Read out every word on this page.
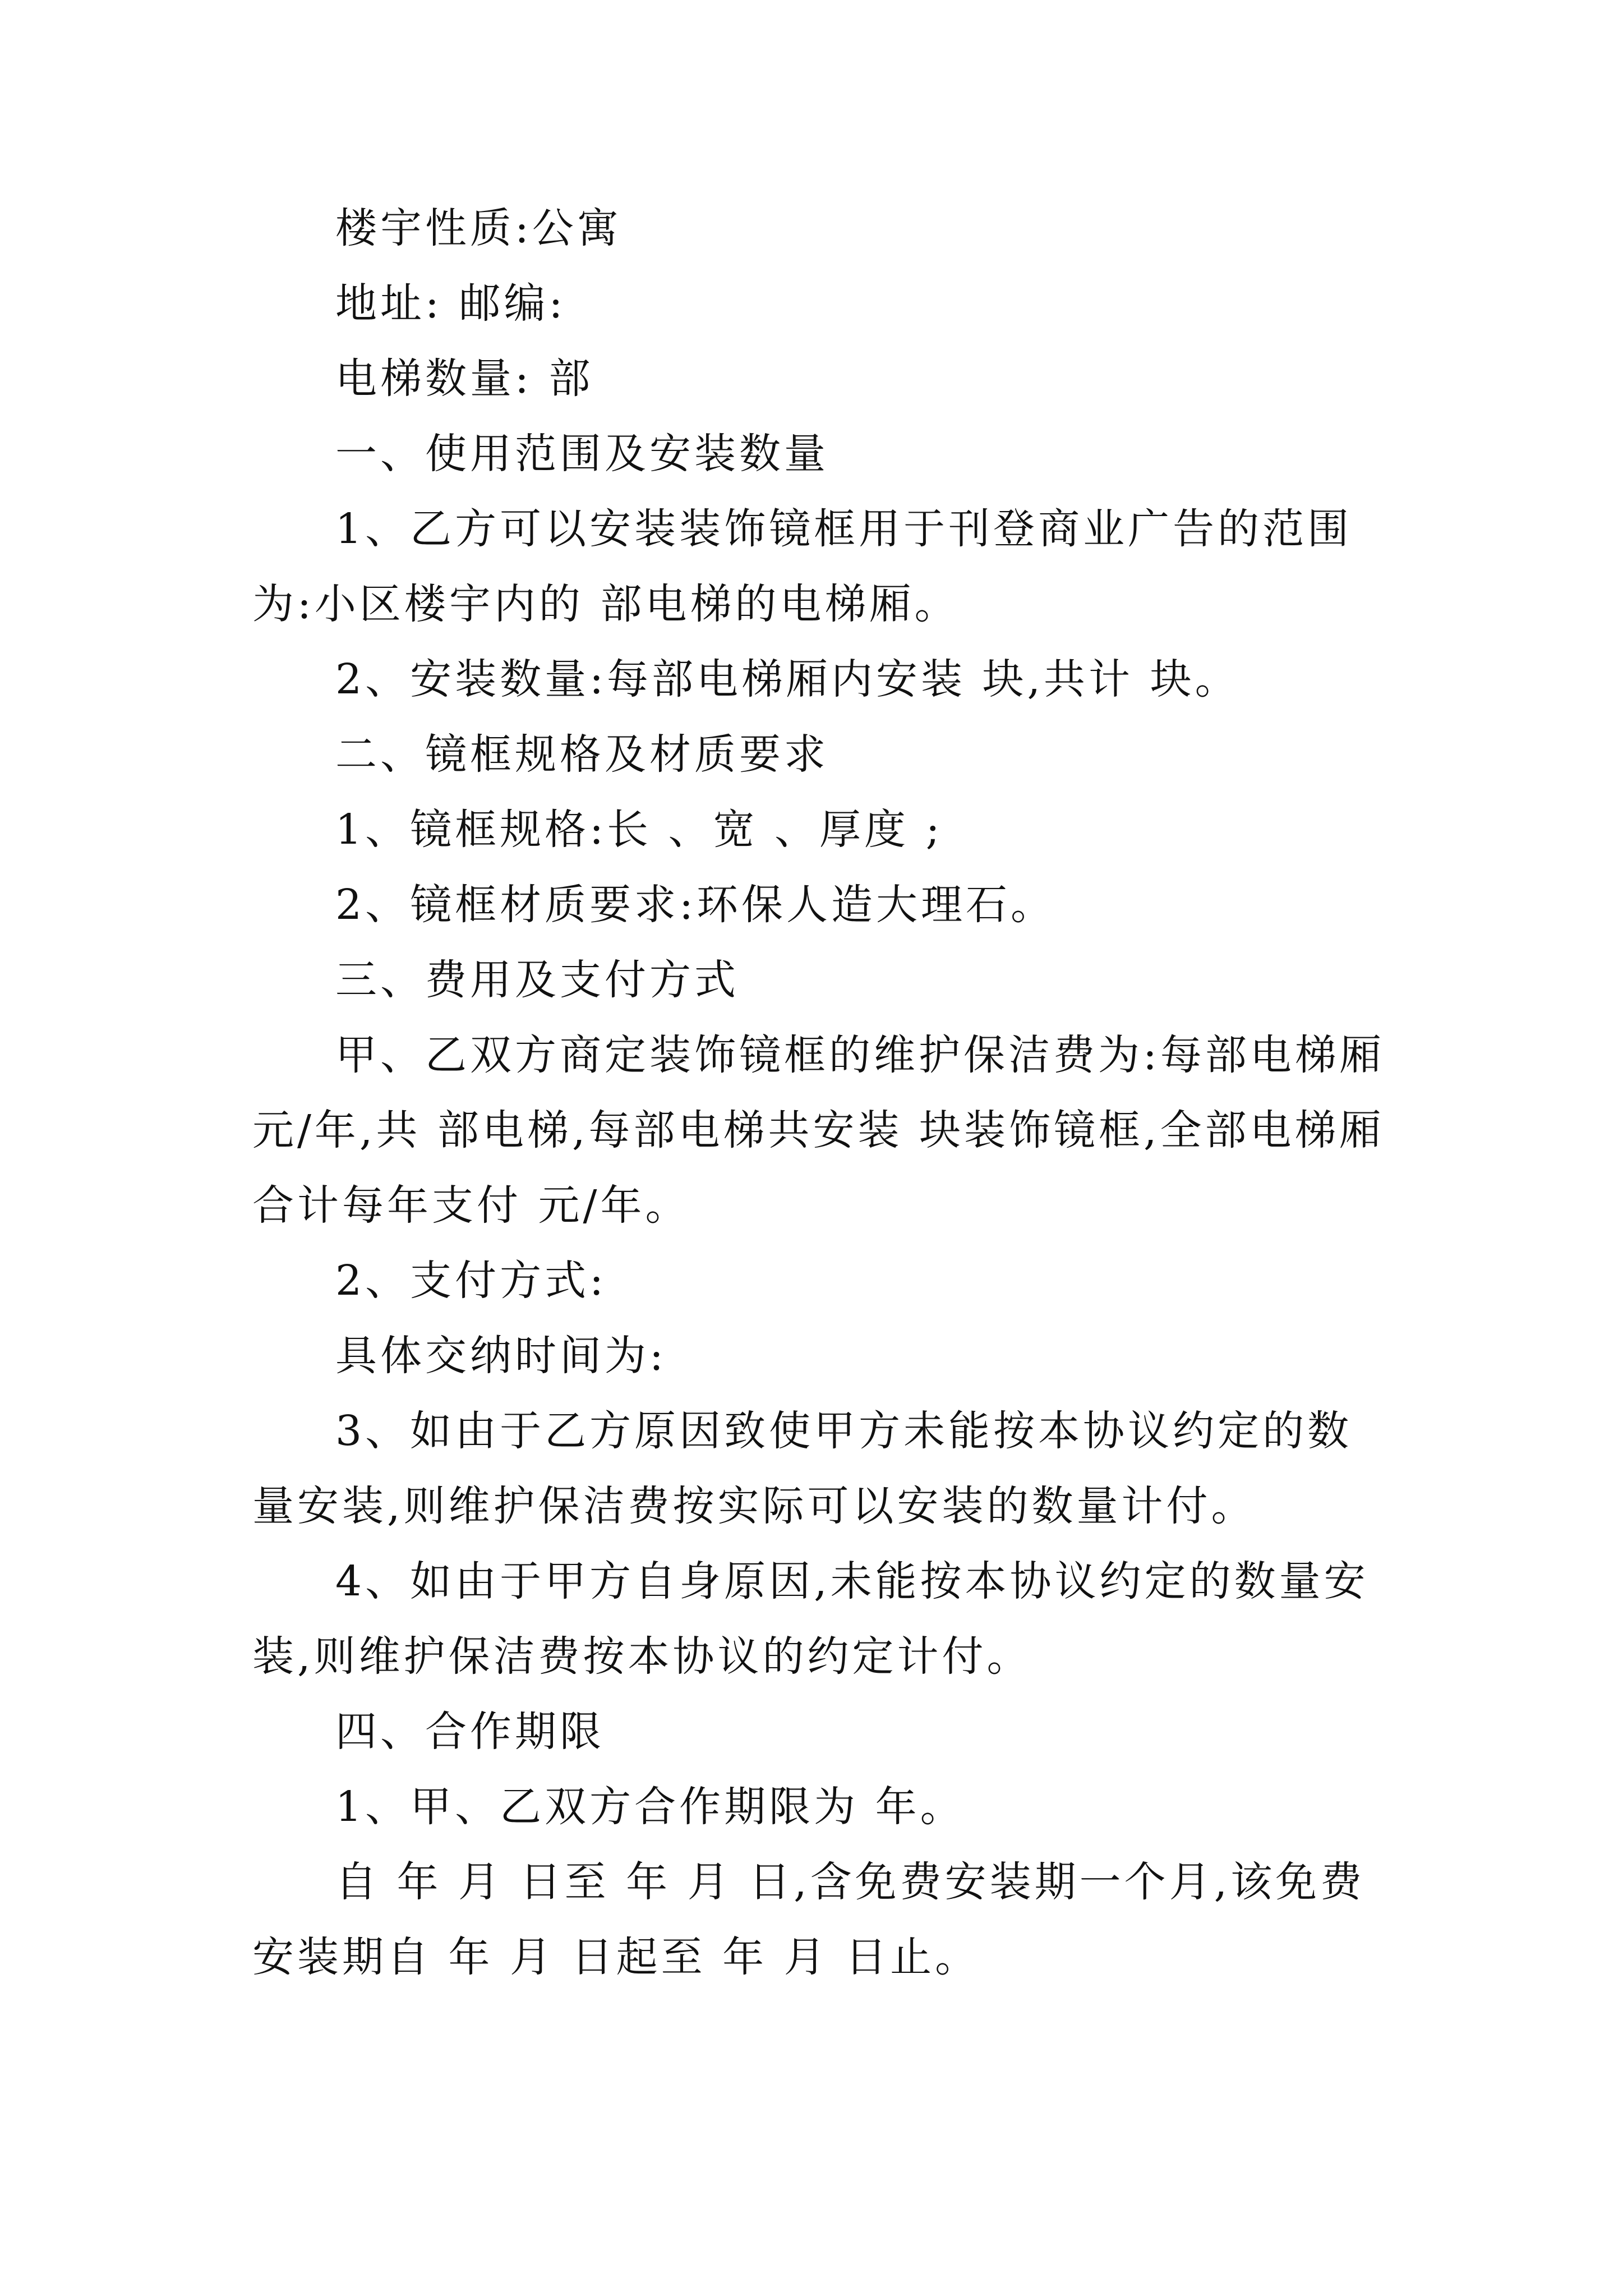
楼宇性质:公寓

地址: 邮编:

电梯数量: 部

一、使用范围及安装数量

1、乙方可以安装装饰镜框用于刊登商业广告的范围为:小区楼宇内的 部电梯的电梯厢。

2、安装数量:每部电梯厢内安装 块,共计 块。

二、镜框规格及材质要求

1、镜框规格:长 、宽 、厚度 ;

2、镜框材质要求:环保人造大理石。

三、费用及支付方式

甲、乙双方商定装饰镜框的维护保洁费为:每部电梯厢 元/年,共 部电梯,每部电梯共安装 块装饰镜框,全部电梯厢合计每年支付 元/年。

2、支付方式:

具体交纳时间为:

3、如由于乙方原因致使甲方未能按本协议约定的数量安装,则维护保洁费按实际可以安装的数量计付。

4、如由于甲方自身原因,未能按本协议约定的数量安装,则维护保洁费按本协议的约定计付。

四、合作期限

1、甲、乙双方合作期限为 年。

自 年 月 日至 年 月 日,含免费安装期一个月,该免费安装期自 年 月 日起至 年 月 日止。
